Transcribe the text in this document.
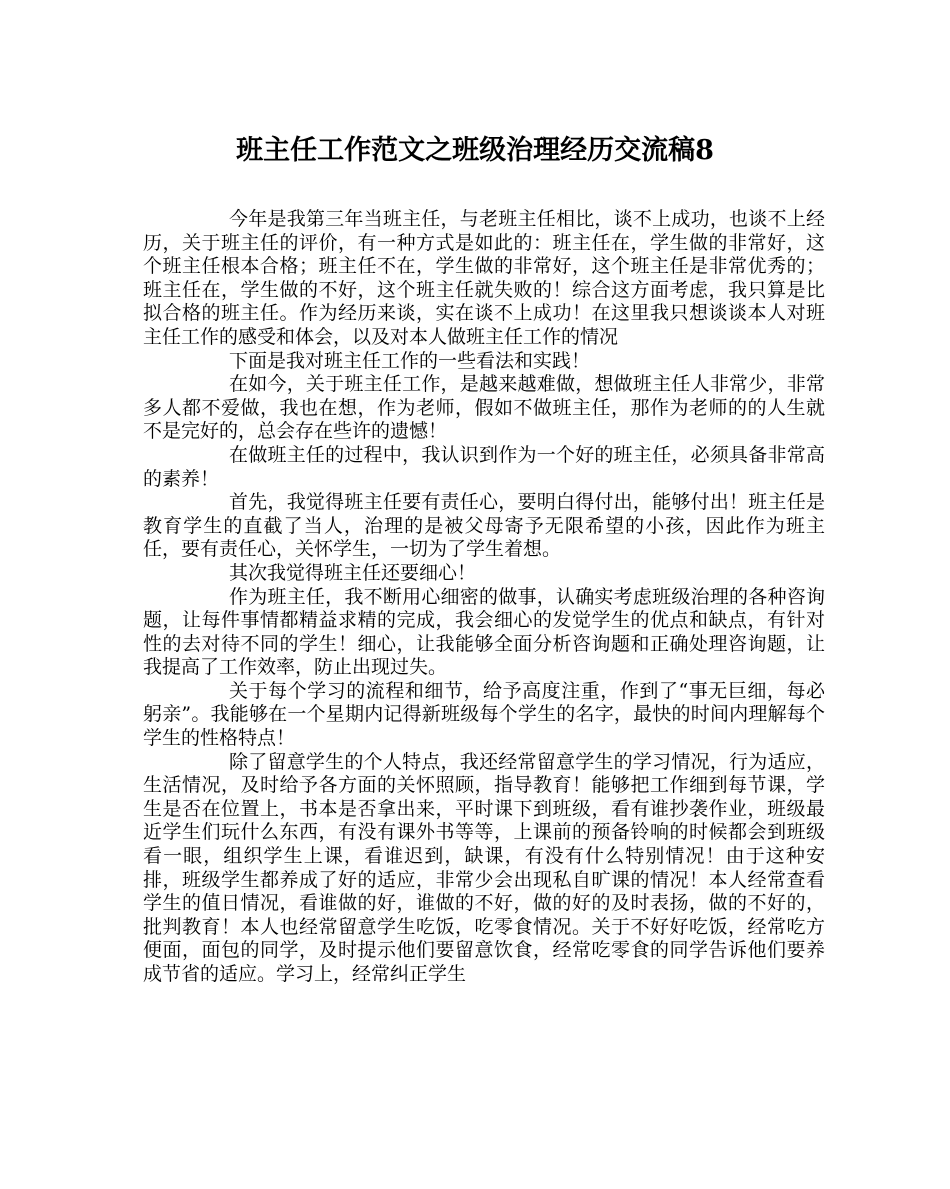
班主任工作范文之班级治理经历交流稿8

今年是我第三年当班主任，与老班主任相比，谈不上成功，也谈不上经历，关于班主任的评价，有一种方式是如此的：班主任在，学生做的非常好，这个班主任根本合格；班主任不在，学生做的非常好，这个班主任是非常优秀的；班主任在，学生做的不好，这个班主任就失败的！综合这方面考虑，我只算是比拟合格的班主任。作为经历来谈，实在谈不上成功！在这里我只想谈谈本人对班主任工作的感受和体会，以及对本人做班主任工作的情况

下面是我对班主任工作的一些看法和实践！

在如今，关于班主任工作，是越来越难做，想做班主任人非常少，非常多人都不爱做，我也在想，作为老师，假如不做班主任，那作为老师的的人生就不是完好的，总会存在些许的遗憾！

在做班主任的过程中，我认识到作为一个好的班主任，必须具备非常高的素养！

首先，我觉得班主任要有责任心，要明白得付出，能够付出！班主任是教育学生的直截了当人，治理的是被父母寄予无限希望的小孩，因此作为班主任，要有责任心，关怀学生，一切为了学生着想。

其次我觉得班主任还要细心！

作为班主任，我不断用心细密的做事，认确实考虑班级治理的各种咨询题，让每件事情都精益求精的完成，我会细心的发觉学生的优点和缺点，有针对性的去对待不同的学生！细心，让我能够全面分析咨询题和正确处理咨询题，让我提高了工作效率，防止出现过失。

关于每个学习的流程和细节，给予高度注重，作到了“事无巨细，每必躬亲”。我能够在一个星期内记得新班级每个学生的名字，最快的时间内理解每个学生的性格特点！

除了留意学生的个人特点，我还经常留意学生的学习情况，行为适应，生活情况，及时给予各方面的关怀照顾，指导教育！能够把工作细到每节课，学生是否在位置上，书本是否拿出来，平时课下到班级，看有谁抄袭作业，班级最近学生们玩什么东西，有没有课外书等等，上课前的预备铃响的时候都会到班级看一眼，组织学生上课，看谁迟到，缺课，有没有什么特别情况！由于这种安排，班级学生都养成了好的适应，非常少会出现私自旷课的情况！本人经常查看学生的值日情况，看谁做的好，谁做的不好，做的好的及时表扬，做的不好的，批判教育！本人也经常留意学生吃饭，吃零食情况。关于不好好吃饭，经常吃方便面，面包的同学，及时提示他们要留意饮食，经常吃零食的同学告诉他们要养成节省的适应。学习上，经常纠正学生
